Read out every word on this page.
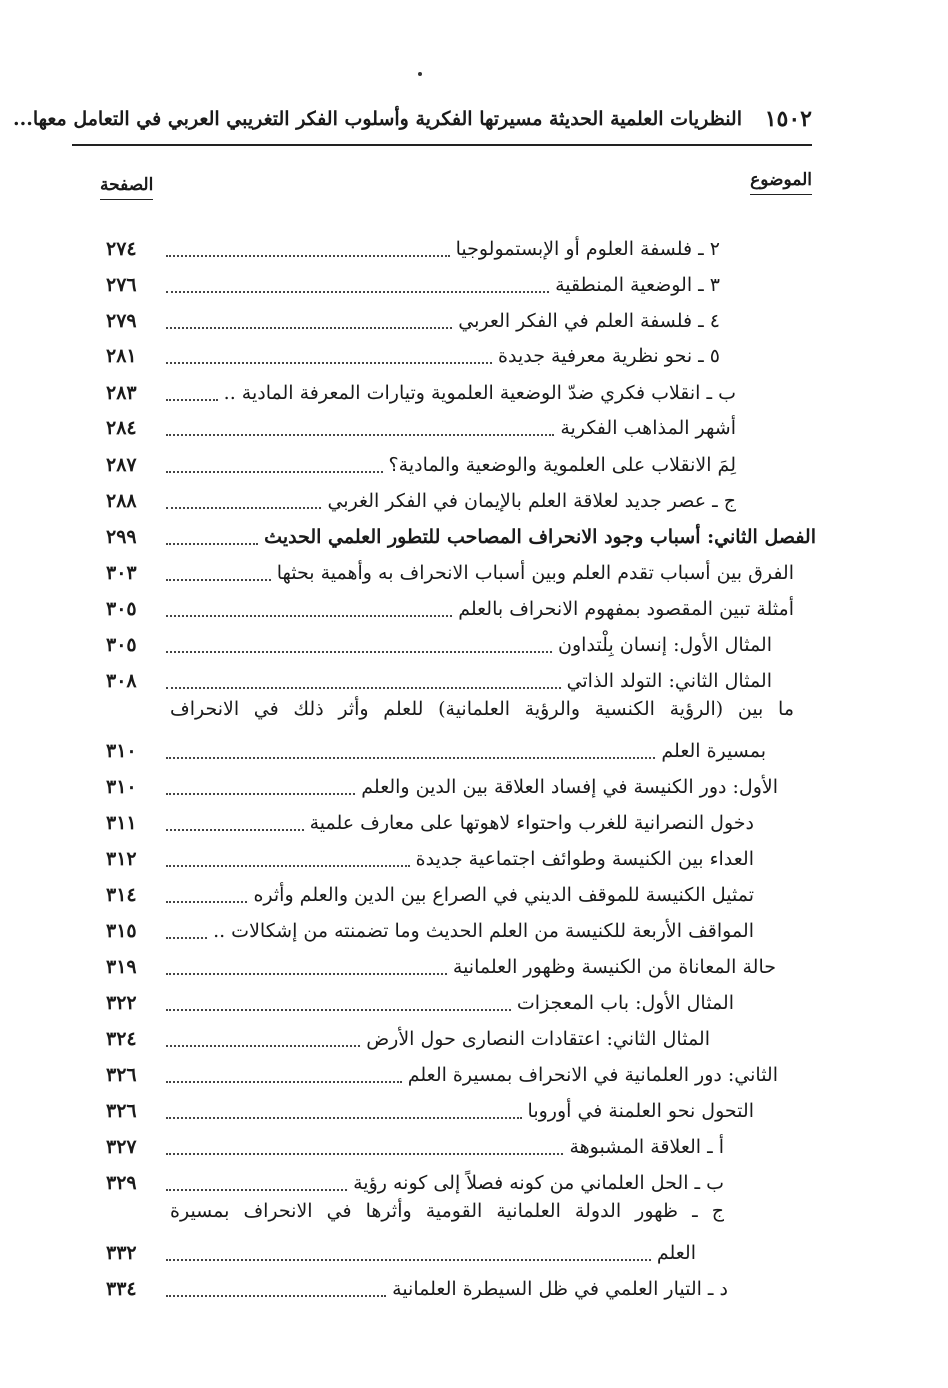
١٥٠٢
النظريات العلمية الحديثة مسيرتها الفكرية وأسلوب الفكر التغريبي العربي في التعامل معها...
الموضوع
الصفحة
٢ ـ فلسفة العلوم أو الإبستمولوجيا
٢٧٤
٣ ـ الوضعية المنطقية
٢٧٦
٤ ـ فلسفة العلم في الفكر العربي
٢٧٩
٥ ـ نحو نظرية معرفية جديدة
٢٨١
ب ـ انقلاب فكري ضدّ الوضعية العلموية وتيارات المعرفة المادية ..
٢٨٣
أشهر المذاهب الفكرية
٢٨٤
لِمَ الانقلاب على العلموية والوضعية والمادية؟
٢٨٧
ج ـ عصر جديد لعلاقة العلم بالإيمان في الفكر الغربي
٢٨٨
الفصل الثاني: أسباب وجود الانحراف المصاحب للتطور العلمي الحديث
٢٩٩
الفرق بين أسباب تقدم العلم وبين أسباب الانحراف به وأهمية بحثها
٣٠٣
أمثلة تبين المقصود بمفهوم الانحراف بالعلم
٣٠٥
المثال الأول: إنسان بِلْتداون
٣٠٥
المثال الثاني: التولد الذاتي
٣٠٨
ما بين (الرؤية الكنسية والرؤية العلمانية) للعلم وأثر ذلك في الانحراف
بمسيرة العلم
٣١٠
الأول: دور الكنيسة في إفساد العلاقة بين الدين والعلم
٣١٠
دخول النصرانية للغرب واحتواء لاهوتها على معارف علمية
٣١١
العداء بين الكنيسة وطوائف اجتماعية جديدة
٣١٢
تمثيل الكنيسة للموقف الديني في الصراع بين الدين والعلم وأثره
٣١٤
المواقف الأربعة للكنيسة من العلم الحديث وما تضمنته من إشكالات ..
٣١٥
حالة المعاناة من الكنيسة وظهور العلمانية
٣١٩
المثال الأول: باب المعجزات
٣٢٢
المثال الثاني: اعتقادات النصارى حول الأرض
٣٢٤
الثاني: دور العلمانية في الانحراف بمسيرة العلم
٣٢٦
التحول نحو العلمنة في أوروبا
٣٢٦
أ ـ العلاقة المشبوهة
٣٢٧
ب ـ الحل العلماني من كونه فصلاً إلى كونه رؤية
٣٢٩
ج ـ ظهور الدولة العلمانية القومية وأثرها في الانحراف بمسيرة
العلم
٣٣٢
د ـ التيار العلمي في ظل السيطرة العلمانية
٣٣٤
